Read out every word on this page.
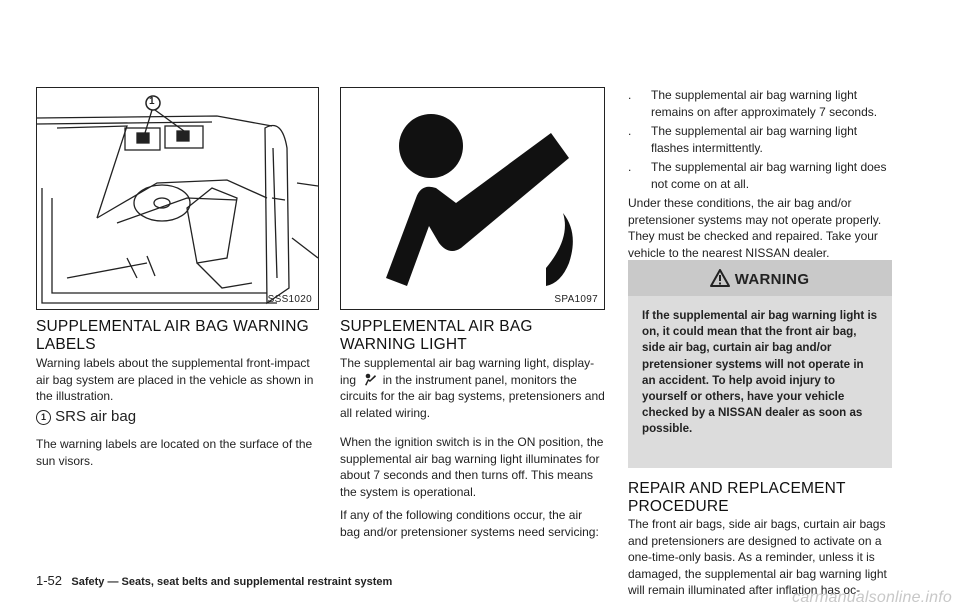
1
SSS1020	SPA1097
SUPPLEMENTAL AIR BAG WARNING LABELS

Warning labels about the supplemental front-impact air bag system are placed in the vehicle as shown in the illustration.

1 SRS air bag

The warning labels are located on the surface of the sun visors.

SUPPLEMENTAL AIR BAG WARNING LIGHT
The supplemental air bag warning light, display-
ing in the instrument panel, monitors the circuits for the air bag systems, pretensioners and all related wiring.

When the ignition switch is in the ON position, the supplemental air bag warning light illuminates for about 7 seconds and then turns off. This means the system is operational.

If any of the following conditions occur, the air bag and/or pretensioner systems need servicing:

. The supplemental air bag warning light remains on after approximately 7 seconds.
. The supplemental air bag warning light flashes intermittently.
. The supplemental air bag warning light does not come on at all.

Under these conditions, the air bag and/or pretensioner systems may not operate properly. They must be checked and repaired. Take your vehicle to the nearest NISSAN dealer.

WARNING
If the supplemental air bag warning light is on, it could mean that the front air bag, side air bag, curtain air bag and/or pretensioner systems will not operate in an accident. To help avoid injury to yourself or others, have your vehicle checked by a NISSAN dealer as soon as possible.
REPAIR AND REPLACEMENT PROCEDURE

The front air bags, side air bags, curtain air bags and pretensioners are designed to activate on a one-time-only basis. As a reminder, unless it is damaged, the supplemental air bag warning light will remain illuminated after inflation has oc-

1-52 Safety — Seats, seat belts and supplemental restraint system
carmanualsonline.info
